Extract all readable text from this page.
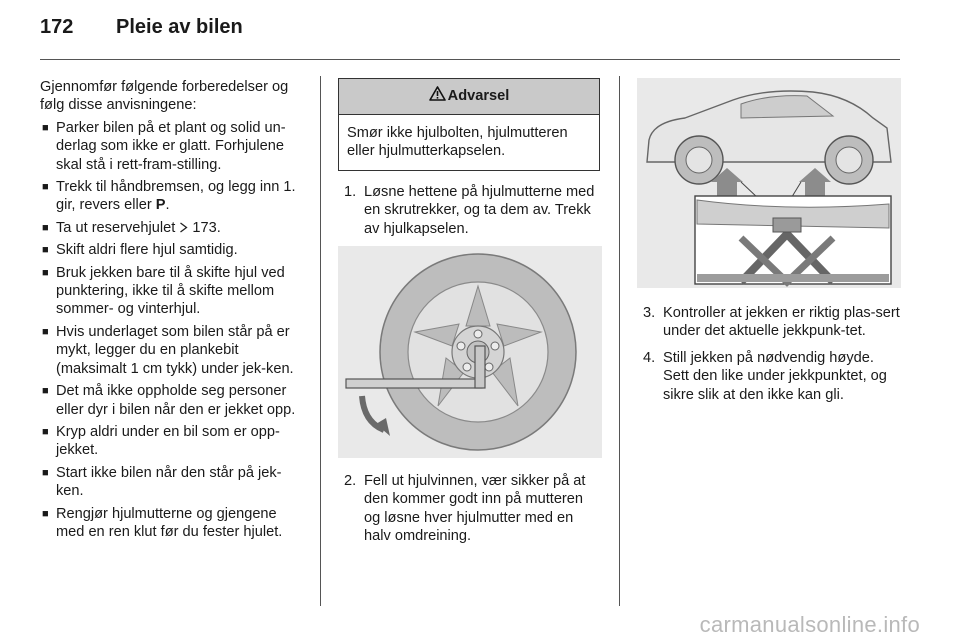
172	Pleie av bilen

Gjennomfør følgende forberedelser og følg disse anvisningene:

■ Parker bilen på et plant og solid un-derlag som ikke er glatt. Forhjulene skal stå i rett-fram-stilling.
■ Trekk til håndbremsen, og legg inn 1. gir, revers eller P.
■ Ta ut reservehjulet  173.
■ Skift aldri flere hjul samtidig.
■ Bruk jekken bare til å skifte hjul ved punktering, ikke til å skifte mellom sommer- og vinterhjul.
■ Hvis underlaget som bilen står på er mykt, legger du en plankebit (maksimalt 1 cm tykk) under jek-ken.
■ Det må ikke oppholde seg personer eller dyr i bilen når den er jekket opp.
■ Kryp aldri under en bil som er opp-jekket.
■ Start ikke bilen når den står på jek-ken.
■ Rengjør hjulmutterne og gjengene med en ren klut før du fester hjulet.
Advarsel
Smør ikke hjulbolten, hjulmutteren eller hjulmutterkapselen.
1. Løsne hettene på hjulmutterne med en skrutrekker, og ta dem av. Trekk av hjulkapselen.
2. Fell ut hjulvinnen, vær sikker på at den kommer godt inn på mutteren og løsne hver hjulmutter med en halv omdreining.
3. Kontroller at jekken er riktig plas-sert under det aktuelle jekkpunk-tet.
4. Still jekken på nødvendig høyde. Sett den like under jekkpunktet, og sikre slik at den ikke kan gli.
carmanualsonline.info
